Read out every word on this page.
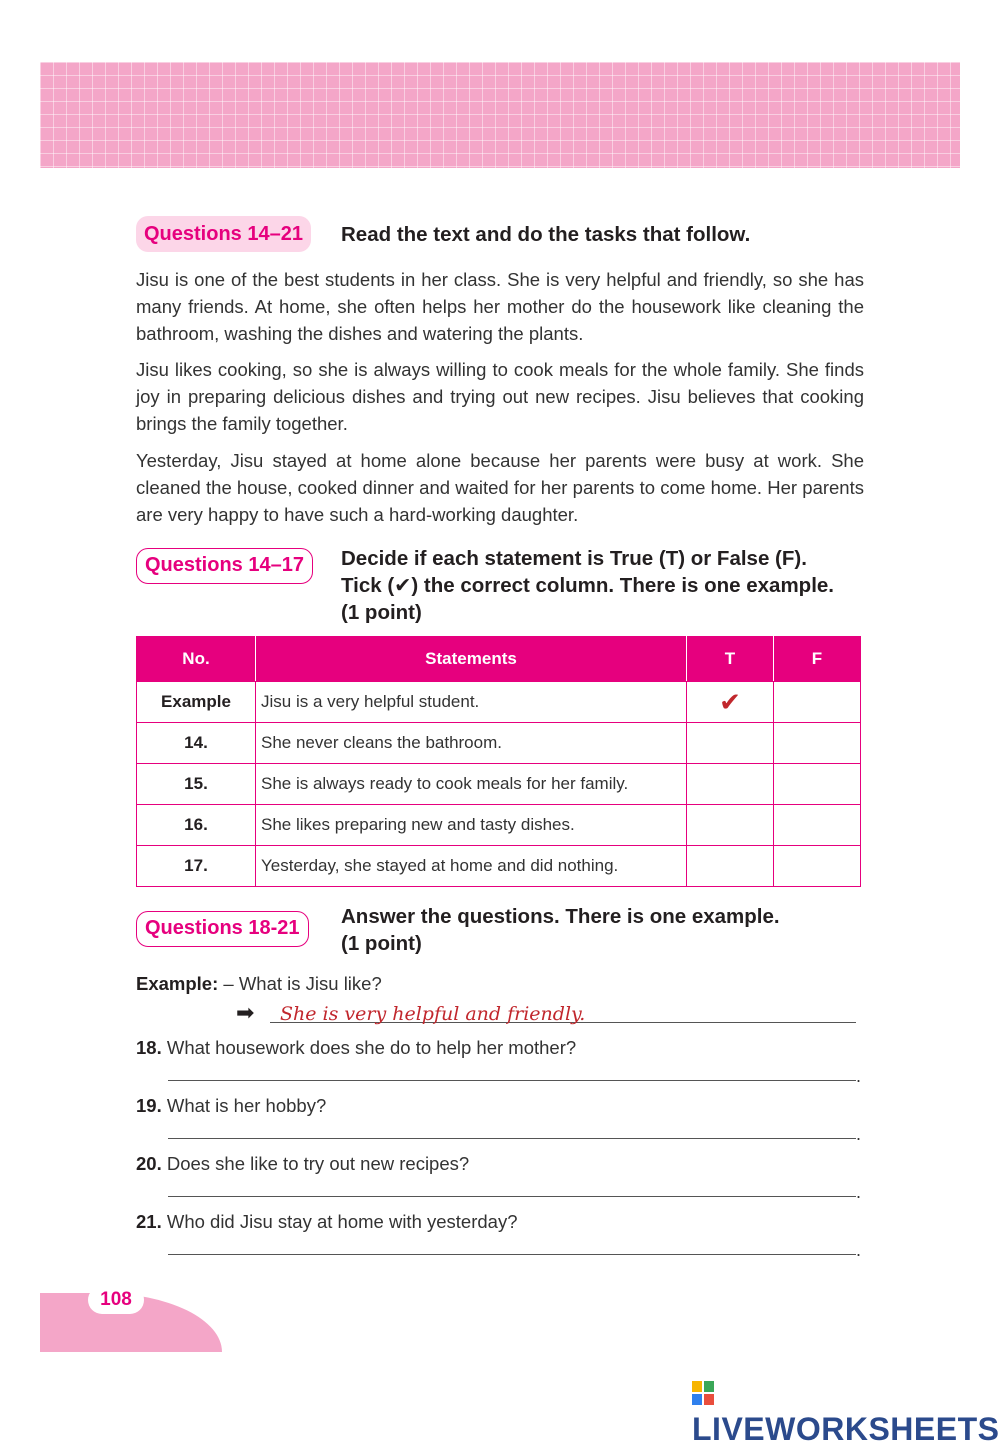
Questions 14–21	Read the text and do the tasks that follow.
Jisu is one of the best students in her class. She is very helpful and friendly, so she has many friends. At home, she often helps her mother do the housework like cleaning the bathroom, washing the dishes and watering the plants.
Jisu likes cooking, so she is always willing to cook meals for the whole family. She finds joy in preparing delicious dishes and trying out new recipes. Jisu believes that cooking brings the family together.
Yesterday, Jisu stayed at home alone because her parents were busy at work. She cleaned the house, cooked dinner and waited for her parents to come home. Her parents are very happy to have such a hard-working daughter.
Questions 14–17	Decide if each statement is True (T) or False (F).
Tick (✔) the correct column. There is one example.
(1 point)
No.	Statements	T	F
Example	Jisu is a very helpful student.	✔	
14.	She never cleans the bathroom.		
15.	She is always ready to cook meals for her family.		
16.	She likes preparing new and tasty dishes.		
17.	Yesterday, she stayed at home and did nothing.		
Questions 18-21	Answer the questions. There is one example.
(1 point)
Example: – What is Jisu like?
➡ She is very helpful and friendly.
18. What housework does she do to help her mother?
.
19. What is her hobby?
.
20. Does she like to try out new recipes?
.
21. Who did Jisu stay at home with yesterday?
.
108
LIVEWORKSHEETS
